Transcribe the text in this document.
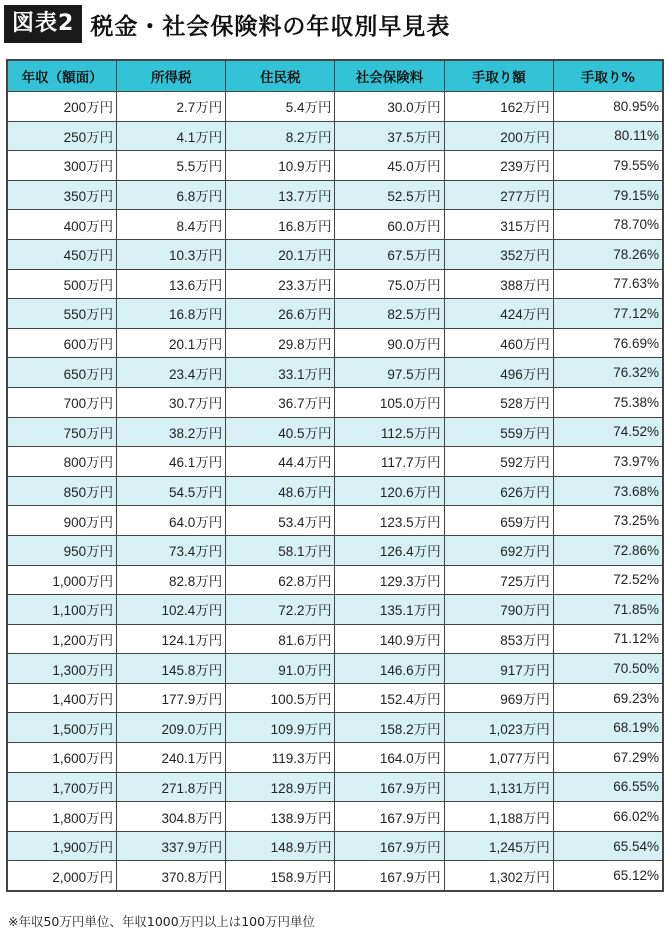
図表2 税金・社会保険料の年収別早見表
年収（額面）	所得税	住民税	社会保険料	手取り額	手取り%
200万円	2.7万円	5.4万円	30.0万円	162万円	80.95%
250万円	4.1万円	8.2万円	37.5万円	200万円	80.11%
300万円	5.5万円	10.9万円	45.0万円	239万円	79.55%
350万円	6.8万円	13.7万円	52.5万円	277万円	79.15%
400万円	8.4万円	16.8万円	60.0万円	315万円	78.70%
450万円	10.3万円	20.1万円	67.5万円	352万円	78.26%
500万円	13.6万円	23.3万円	75.0万円	388万円	77.63%
550万円	16.8万円	26.6万円	82.5万円	424万円	77.12%
600万円	20.1万円	29.8万円	90.0万円	460万円	76.69%
650万円	23.4万円	33.1万円	97.5万円	496万円	76.32%
700万円	30.7万円	36.7万円	105.0万円	528万円	75.38%
750万円	38.2万円	40.5万円	112.5万円	559万円	74.52%
800万円	46.1万円	44.4万円	117.7万円	592万円	73.97%
850万円	54.5万円	48.6万円	120.6万円	626万円	73.68%
900万円	64.0万円	53.4万円	123.5万円	659万円	73.25%
950万円	73.4万円	58.1万円	126.4万円	692万円	72.86%
1,000万円	82.8万円	62.8万円	129.3万円	725万円	72.52%
1,100万円	102.4万円	72.2万円	135.1万円	790万円	71.85%
1,200万円	124.1万円	81.6万円	140.9万円	853万円	71.12%
1,300万円	145.8万円	91.0万円	146.6万円	917万円	70.50%
1,400万円	177.9万円	100.5万円	152.4万円	969万円	69.23%
1,500万円	209.0万円	109.9万円	158.2万円	1,023万円	68.19%
1,600万円	240.1万円	119.3万円	164.0万円	1,077万円	67.29%
1,700万円	271.8万円	128.9万円	167.9万円	1,131万円	66.55%
1,800万円	304.8万円	138.9万円	167.9万円	1,188万円	66.02%
1,900万円	337.9万円	148.9万円	167.9万円	1,245万円	65.54%
2,000万円	370.8万円	158.9万円	167.9万円	1,302万円	65.12%
※年収50万円単位、年収1000万円以上は100万円単位
